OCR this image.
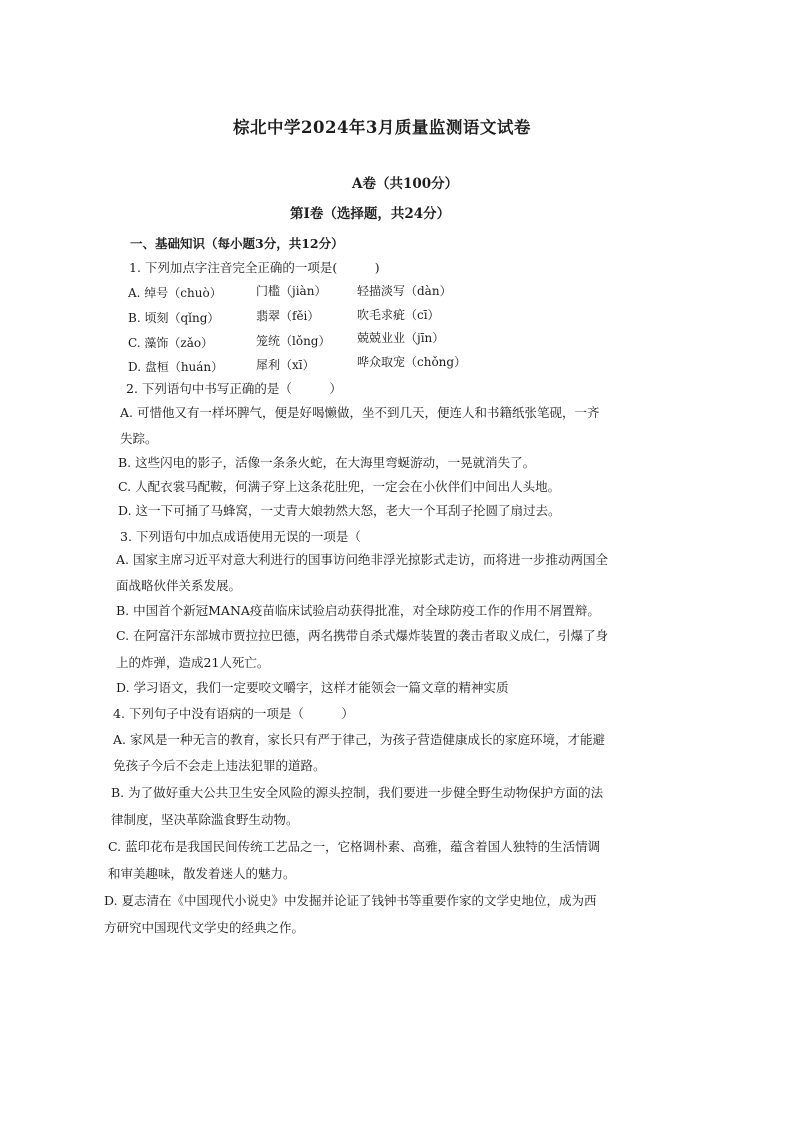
棕北中学2024年3月质量监测语文试卷
A卷（共100分）
第Ⅰ卷（选择题，共24分）
一、基础知识（每小题3分，共12分）
1. 下列加点字注音完全正确的一项是(　　　)
A. 绰号（chuò）	门槛（jiàn）	轻描淡写（dàn）
B. 顷刻（qǐng）	翡翠（fěi）	吹毛求疵（cī）
C. 藻饰（zǎo）	笼统（lǒng） 兢兢业业（jīn）
D. 盘桓（huán）	犀利（xī）	哗众取宠（chǒng）
2. 下列语句中书写正确的是（　　　）
A. 可惜他又有一样坏脾气，便是好喝懒做，坐不到几天，便连人和书籍纸张笔砚，一齐
失踪。
B. 这些闪电的影子，活像一条条火蛇，在大海里弯蜒游动，一晃就消失了。
C. 人配衣裳马配鞍，何满子穿上这条花肚兜，一定会在小伙伴们中间出人头地。
D. 这一下可捅了马蜂窝，一丈青大娘勃然大怒，老大一个耳刮子抡圆了扇过去。
3. 下列语句中加点成语使用无误的一项是（
A. 国家主席习近平对意大利进行的国事访问绝非浮光掠影式走访，而将进一步推动两国全
面战略伙伴关系发展。
B. 中国首个新冠MANA疫苗临床试验启动获得批准，对全球防疫工作的作用不屑置辩。
C. 在阿富汗东部城市贾拉拉巴德，两名携带自杀式爆炸装置的袭击者取义成仁，引爆了身
上的炸弹，造成21人死亡。
D. 学习语文，我们一定要咬文嚼字，这样才能领会一篇文章的精神实质
4. 下列句子中没有语病的一项是（　　　）
A. 家风是一种无言的教育，家长只有严于律己，为孩子营造健康成长的家庭环境，才能避
免孩子今后不会走上违法犯罪的道路。
B. 为了做好重大公共卫生安全风险的源头控制，我们要进一步健全野生动物保护方面的法
律制度，坚决革除滥食野生动物。
C. 蓝印花布是我国民间传统工艺品之一，它格调朴素、高雅，蕴含着国人独特的生活情调
和审美趣味，散发着迷人的魅力。
D. 夏志清在《中国现代小说史》中发掘并论证了钱钟书等重要作家的文学史地位，成为西
方研究中国现代文学史的经典之作。
